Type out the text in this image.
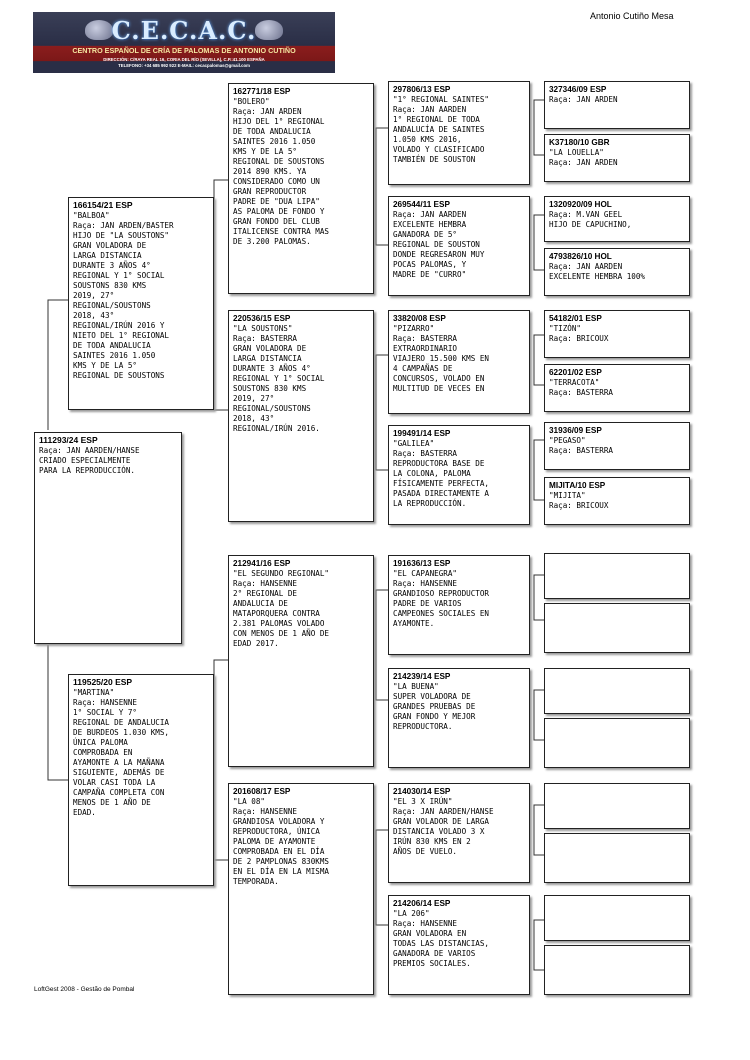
C.E.C.A.C.
CENTRO ESPAÑOL DE CRÍA DE PALOMAS DE ANTONIO CUTIÑO
DIRECCIÓN: C/RAYA REAL 16, CORIA DEL RÍO (SEVILLA), C.P.:41.100 ESPAÑA
TELEFONO: +34 685 992 922 E-MAIL: cecacpalomas@gmail.com
Antonio Cutiño Mesa
111293/24 ESP
Raça: JAN AARDEN/HANSE
CRIADO ESPECIALMENTE
PARA LA REPRODUCCIÓN.
166154/21 ESP
"BALBOA"
Raça: JAN ARDEN/BASTER
HIJO DE "LA SOUSTONS"
GRAN VOLADORA DE
LARGA DISTANCIA
DURANTE 3 AÑOS 4°
REGIONAL Y 1° SOCIAL
SOUSTONS 830 KMS
2019, 27°
REGIONAL/SOUSTONS
2018, 43°
REGIONAL/IRÚN 2016 Y
NIETO DEL 1° REGIONAL
DE TODA ANDALUCIA
SAINTES 2016 1.050
KMS Y DE LA 5°
REGIONAL DE SOUSTONS
119525/20 ESP
"MARTINA"
Raça: HANSENNE
1° SOCIAL Y 7°
REGIONAL DE ANDALUCIA
DE BURDEOS 1.030 KMS,
ÚNICA PALOMA
COMPROBADA EN
AYAMONTE A LA MAÑANA
SIGUIENTE, ADEMÁS DE
VOLAR CASI TODA LA
CAMPAÑA COMPLETA CON
MENOS DE 1 AÑO DE
EDAD.
162771/18 ESP
"BOLERO"
Raça: JAN ARDEN
HIJO DEL 1° REGIONAL
DE TODA ANDALUCIA
SAINTES 2016 1.050
KMS Y DE LA 5°
REGIONAL DE SOUSTONS
2014 890 KMS. YA
CONSIDERADO COMO UN
GRAN REPRODUCTOR
PADRE DE "DUA LIPA"
AS PALOMA DE FONDO Y
GRAN FONDO DEL CLUB
ITALICENSE CONTRA MAS
DE 3.200 PALOMAS.
220536/15 ESP
"LA SOUSTONS"
Raça: BASTERRA
GRAN VOLADORA DE
LARGA DISTANCIA
DURANTE 3 AÑOS 4°
REGIONAL Y 1° SOCIAL
SOUSTONS 830 KMS
2019, 27°
REGIONAL/SOUSTONS
2018, 43°
REGIONAL/IRÚN 2016.
212941/16 ESP
"EL SEGUNDO REGIONAL"
Raça: HANSENNE
2° REGIONAL DE
ANDALUCIA DE
MATAPORQUERA CONTRA
2.381 PALOMAS VOLADO
CON MENOS DE 1 AÑO DE
EDAD 2017.
201608/17 ESP
"LA 08"
Raça: HANSENNE
GRANDIOSA VOLADORA Y
REPRODUCTORA, ÚNICA
PALOMA DE AYAMONTE
COMPROBADA EN EL DÍA
DE 2 PAMPLONAS 830KMS
EN EL DÍA EN LA MISMA
TEMPORADA.
297806/13 ESP
"1° REGIONAL SAINTES"
Raça: JAN AARDEN
1° REGIONAL DE TODA
ANDALUCÍA DE SAINTES
1.050 KMS 2016,
VOLADO Y CLASIFICADO
TAMBIÉN DE SOUSTON
269544/11 ESP
Raça: JAN AARDEN
EXCELENTE HEMBRA
GANADORA DE 5°
REGIONAL DE SOUSTON
DONDE REGRESARON MUY
POCAS PALOMAS, Y
MADRE DE "CURRO"
33820/08 ESP
"PIZARRO"
Raça: BASTERRA
EXTRAORDINARIO
VIAJERO 15.500 KMS EN
4 CAMPAÑAS DE
CONCURSOS, VOLADO EN
MULTITUD DE VECES EN
199491/14 ESP
"GALILEA"
Raça: BASTERRA
REPRODUCTORA BASE DE
LA COLONA, PALOMA
FÍSICAMENTE PERFECTA,
PASADA DIRECTAMENTE A
LA REPRODUCCIÓN.
191636/13 ESP
"EL CAPANEGRA"
Raça: HANSENNE
GRANDIOSO REPRODUCTOR
PADRE DE VARIOS
CAMPEONES SOCIALES EN
AYAMONTE.
214239/14 ESP
"LA BUENA"
SUPER VOLADORA DE
GRANDES PRUEBAS DE
GRAN FONDO Y MEJOR
REPRODUCTORA.
214030/14 ESP
"EL 3 X IRÚN"
Raça: JAN AARDEN/HANSE
GRAN VOLADOR DE LARGA
DISTANCIA VOLADO 3 X
IRÚN 830 KMS EN 2
AÑOS DE VUELO.
214206/14 ESP
"LA 206"
Raça: HANSENNE
GRAN VOLADORA EN
TODAS LAS DISTANCIAS,
GANADORA DE VARIOS
PREMIOS SOCIALES.
327346/09 ESP
Raça: JAN ARDEN
K37180/10 GBR
"LA LOUELLA"
Raça: JAN ARDEN
1320920/09 HOL
Raça: M.VAN GEEL
HIJO DE CAPUCHINO,
4793826/10 HOL
Raça: JAN AARDEN
EXCELENTE HEMBRA 100%
54182/01 ESP
"TIZÓN"
Raça: BRICOUX
62201/02 ESP
"TERRACOTA"
Raça: BASTERRA
31936/09 ESP
"PEGASO"
Raça: BASTERRA
MIJITA/10 ESP
"MIJITA"
Raça: BRICOUX
LoftGest 2008 - Gestão de Pombal
